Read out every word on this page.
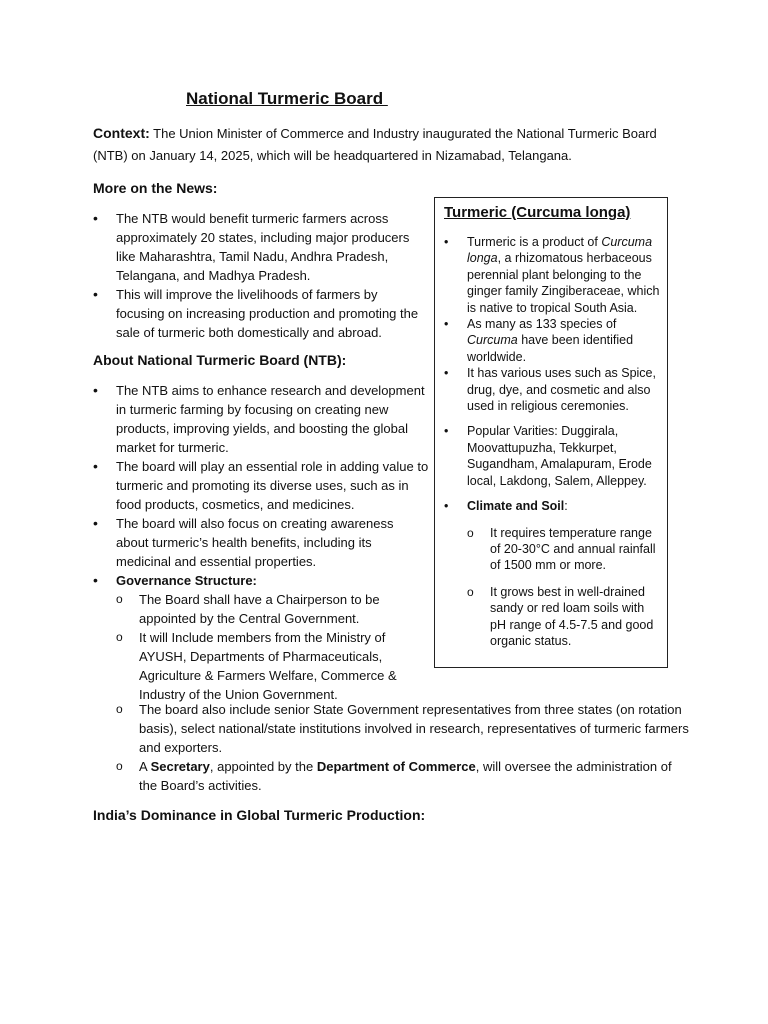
National Turmeric Board
Context: The Union Minister of Commerce and Industry inaugurated the National Turmeric Board (NTB) on January 14, 2025, which will be headquartered in Nizamabad, Telangana.
More on the News:
• The NTB would benefit turmeric farmers across approximately 20 states, including major producers like Maharashtra, Tamil Nadu, Andhra Pradesh, Telangana, and Madhya Pradesh.
• This will improve the livelihoods of farmers by focusing on increasing production and promoting the sale of turmeric both domestically and abroad.
About National Turmeric Board (NTB):
• The NTB aims to enhance research and development in turmeric farming by focusing on creating new products, improving yields, and boosting the global market for turmeric.
• The board will play an essential role in adding value to turmeric and promoting its diverse uses, such as in food products, cosmetics, and medicines.
• The board will also focus on creating awareness about turmeric’s health benefits, including its medicinal and essential properties.
• Governance Structure:
o The Board shall have a Chairperson to be appointed by the Central Government.
o It will Include members from the Ministry of AYUSH, Departments of Pharmaceuticals, Agriculture & Farmers Welfare, Commerce & Industry of the Union Government.
o The board also include senior State Government representatives from three states (on rotation basis), select national/state institutions involved in research, representatives of turmeric farmers and exporters.
o A Secretary, appointed by the Department of Commerce, will oversee the administration of the Board’s activities.
India’s Dominance in Global Turmeric Production:
Turmeric (Curcuma longa)
• Turmeric is a product of Curcuma longa, a rhizomatous herbaceous perennial plant belonging to the ginger family Zingiberaceae, which is native to tropical South Asia.
• As many as 133 species of Curcuma have been identified worldwide.
• It has various uses such as Spice, drug, dye, and cosmetic and also used in religious ceremonies.
• Popular Varities: Duggirala, Moovattupuzha, Tekkurpet, Sugandham, Amalapuram, Erode local, Lakdong, Salem, Alleppey.
• Climate and Soil:
o It requires temperature range of 20-30°C and annual rainfall of 1500 mm or more.
o It grows best in well-drained sandy or red loam soils with pH range of 4.5-7.5 and good organic status.
